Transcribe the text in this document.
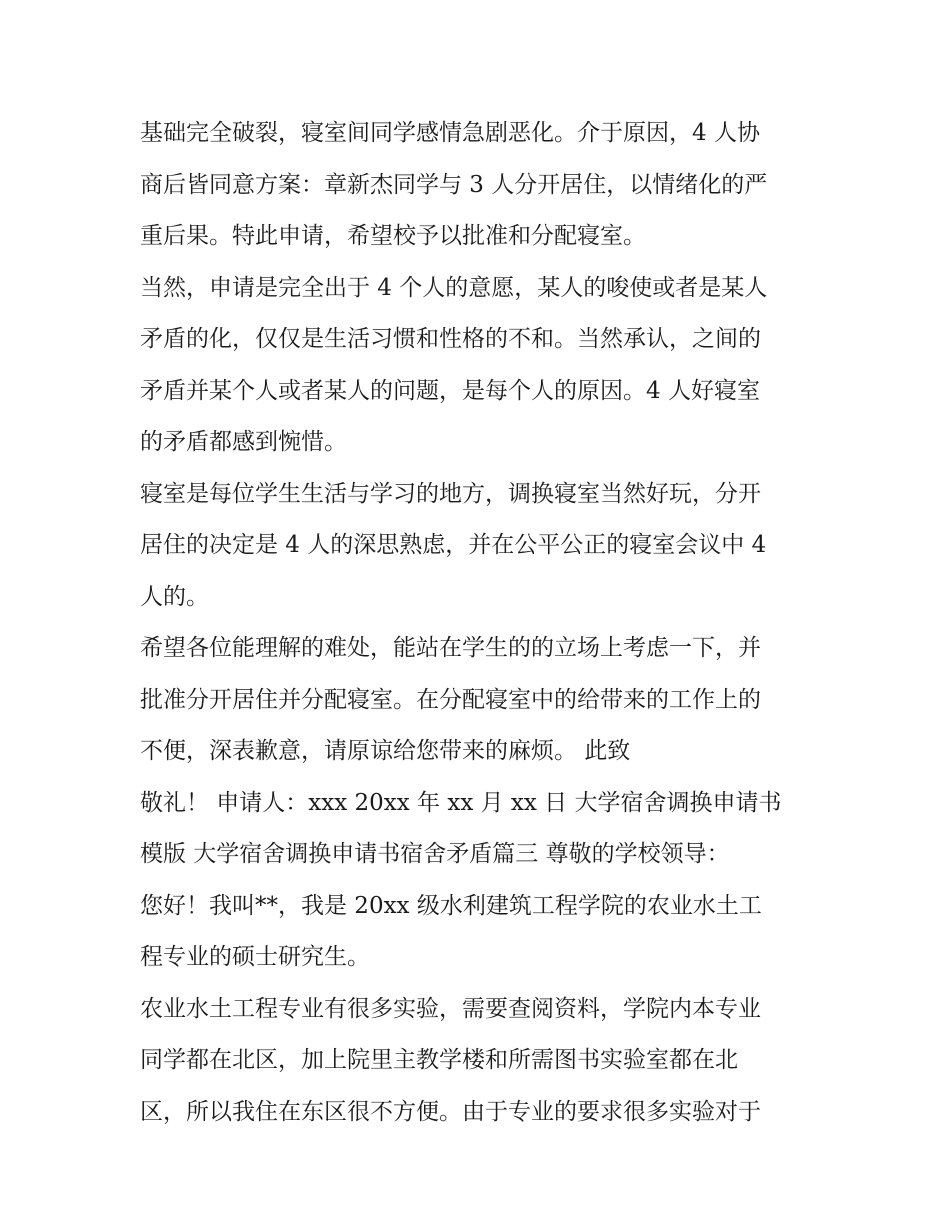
基础完全破裂，寝室间同学感情急剧恶化。介于原因，4 人协
商后皆同意方案：章新杰同学与 3 人分开居住，以情绪化的严
重后果。特此申请，希望校予以批准和分配寝室。
当然，申请是完全出于 4 个人的意愿，某人的唆使或者是某人
矛盾的化，仅仅是生活习惯和性格的不和。当然承认，之间的
矛盾并某个人或者某人的问题，是每个人的原因。4 人好寝室
的矛盾都感到惋惜。
寝室是每位学生生活与学习的地方，调换寝室当然好玩，分开
居住的决定是 4 人的深思熟虑，并在公平公正的寝室会议中 4
人的。
希望各位能理解的难处，能站在学生的的立场上考虑一下，并
批准分开居住并分配寝室。在分配寝室中的给带来的工作上的
不便，深表歉意，请原谅给您带来的麻烦。 此致
敬礼！ 申请人：xxx 20xx 年 xx 月 xx 日 大学宿舍调换申请书
模版 大学宿舍调换申请书宿舍矛盾篇三 尊敬的学校领导：
您好！我叫**，我是 20xx 级水利建筑工程学院的农业水土工
程专业的硕士研究生。
农业水土工程专业有很多实验，需要查阅资料，学院内本专业
同学都在北区，加上院里主教学楼和所需图书实验室都在北
区，所以我住在东区很不方便。由于专业的要求很多实验对于
